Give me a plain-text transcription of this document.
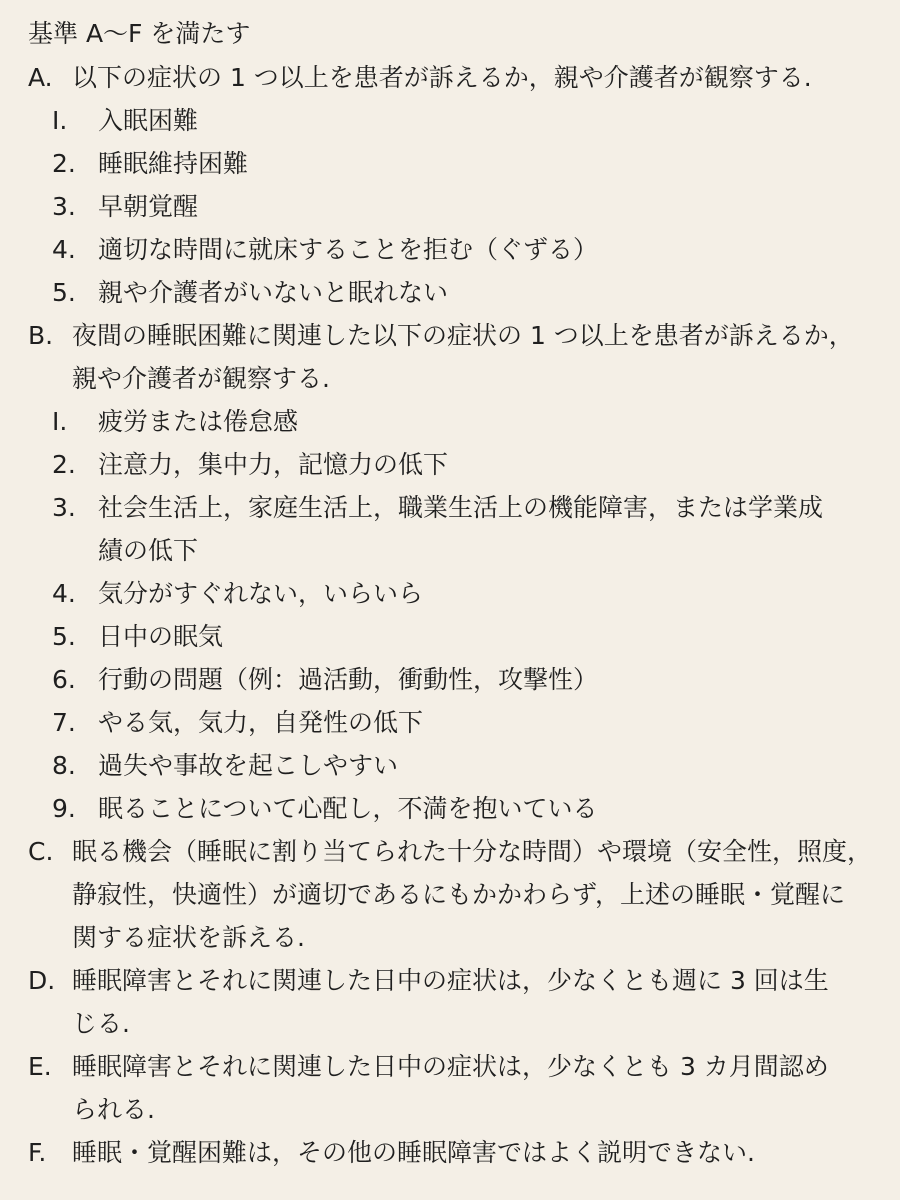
基準 A～F を満たす
A. 以下の症状の 1 つ以上を患者が訴えるか，親や介護者が観察する.
I.	入眠困難
2. 睡眠維持困難
3. 早朝覚醒
4. 適切な時間に就床することを拒む（ぐずる）
5. 親や介護者がいないと眠れない
B. 夜間の睡眠困難に関連した以下の症状の 1 つ以上を患者が訴えるか，
親や介護者が観察する.
I.	疲労または倦怠感
2. 注意力，集中力，記憶力の低下
3. 社会生活上，家庭生活上，職業生活上の機能障害，または学業成
績の低下
4. 気分がすぐれない，いらいら
5. 日中の眠気
6. 行動の問題（例：過活動，衝動性，攻撃性）
7. やる気，気力，自発性の低下
8. 過失や事故を起こしやすい
9. 眠ることについて心配し，不満を抱いている
C. 眠る機会（睡眠に割り当てられた十分な時間）や環境（安全性，照度，
静寂性，快適性）が適切であるにもかかわらず，上述の睡眠・覚醒に
関する症状を訴える.
D. 睡眠障害とそれに関連した日中の症状は，少なくとも週に 3 回は生
じる.
E. 睡眠障害とそれに関連した日中の症状は，少なくとも 3 カ月間認め
られる.
F.	睡眠・覚醒困難は，その他の睡眠障害ではよく説明できない.
